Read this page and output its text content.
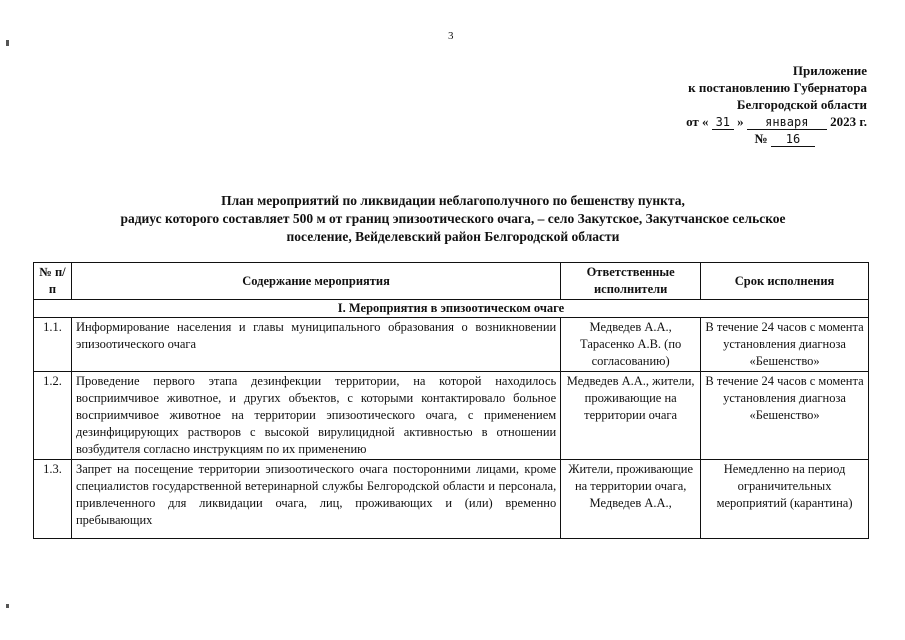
3
Приложение
к постановлению Губернатора
Белгородской области
от « 31 » января 2023 г.
№ 16
План мероприятий по ликвидации неблагополучного по бешенству пункта,
радиус которого составляет 500 м от границ эпизоотического очага, – село Закутское, Закутчанское сельское
поселение, Вейделевский район Белгородской области
№ п/п	Содержание мероприятия	Ответственные исполнители	Срок исполнения
I. Мероприятия в эпизоотическом очаге			
1.1.	Информирование населения и главы муниципального образования о возникновении эпизоотического очага	Медведев А.А., Тарасенко А.В. (по согласованию)	В течение 24 часов с момента установления диагноза «Бешенство»
1.2.	Проведение первого этапа дезинфекции территории, на которой находилось восприимчивое животное, и других объектов, с которыми контактировало больное восприимчивое животное на территории эпизоотического очага, с применением дезинфицирующих растворов с высокой вирулицидной активностью в отношении возбудителя согласно инструкциям по их применению	Медведев А.А., жители, проживающие на территории очага	В течение 24 часов с момента установления диагноза «Бешенство»
1.3.	Запрет на посещение территории эпизоотического очага посторонними лицами, кроме специалистов государственной ветеринарной службы Белгородской области и персонала, привлеченного для ликвидации очага, лиц, проживающих и (или) временно пребывающих	Жители, проживающие на территории очага, Медведев А.А.,	Немедленно на период ограничительных мероприятий (карантина)
